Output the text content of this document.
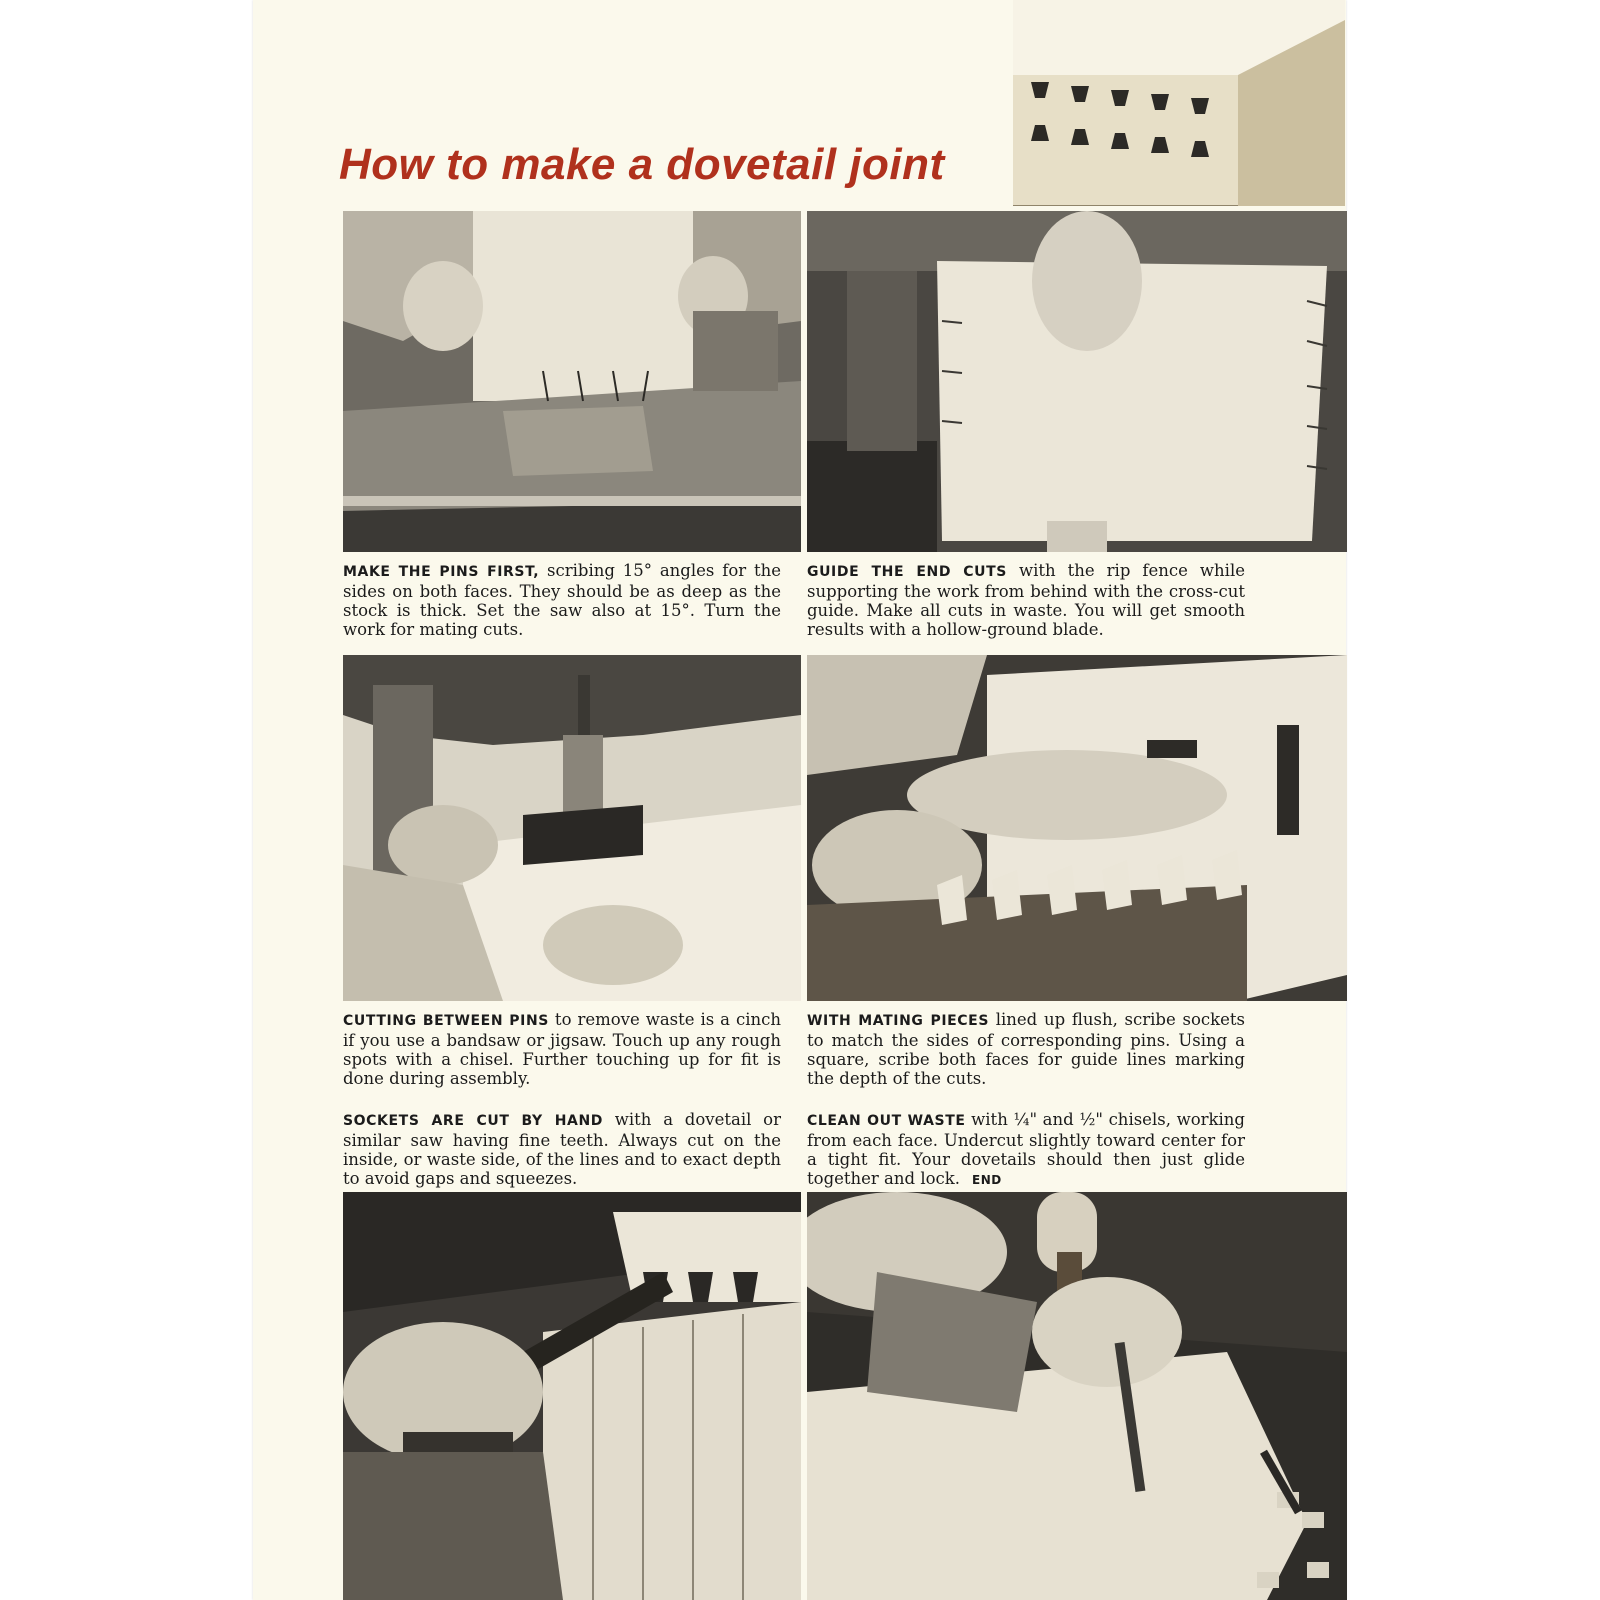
How to make a dovetail joint
MAKE THE PINS FIRST, scribing 15° angles for the sides on both faces. They should be as deep as the stock is thick. Set the saw also at 15°. Turn the work for mating cuts.
GUIDE THE END CUTS with the rip fence while supporting the work from behind with the cross-cut guide. Make all cuts in waste. You will get smooth results with a hollow-ground blade.
CUTTING BETWEEN PINS to remove waste is a cinch if you use a bandsaw or jigsaw. Touch up any rough spots with a chisel. Further touching up for fit is done during assembly.
WITH MATING PIECES lined up flush, scribe sockets to match the sides of corresponding pins. Using a square, scribe both faces for guide lines marking the depth of the cuts.
SOCKETS ARE CUT BY HAND with a dovetail or similar saw having fine teeth. Always cut on the inside, or waste side, of the lines and to exact depth to avoid gaps and squeezes.
CLEAN OUT WASTE with ¼" and ½" chisels, working from each face. Undercut slightly toward center for a tight fit. Your dovetails should then just glide together and lock. END
